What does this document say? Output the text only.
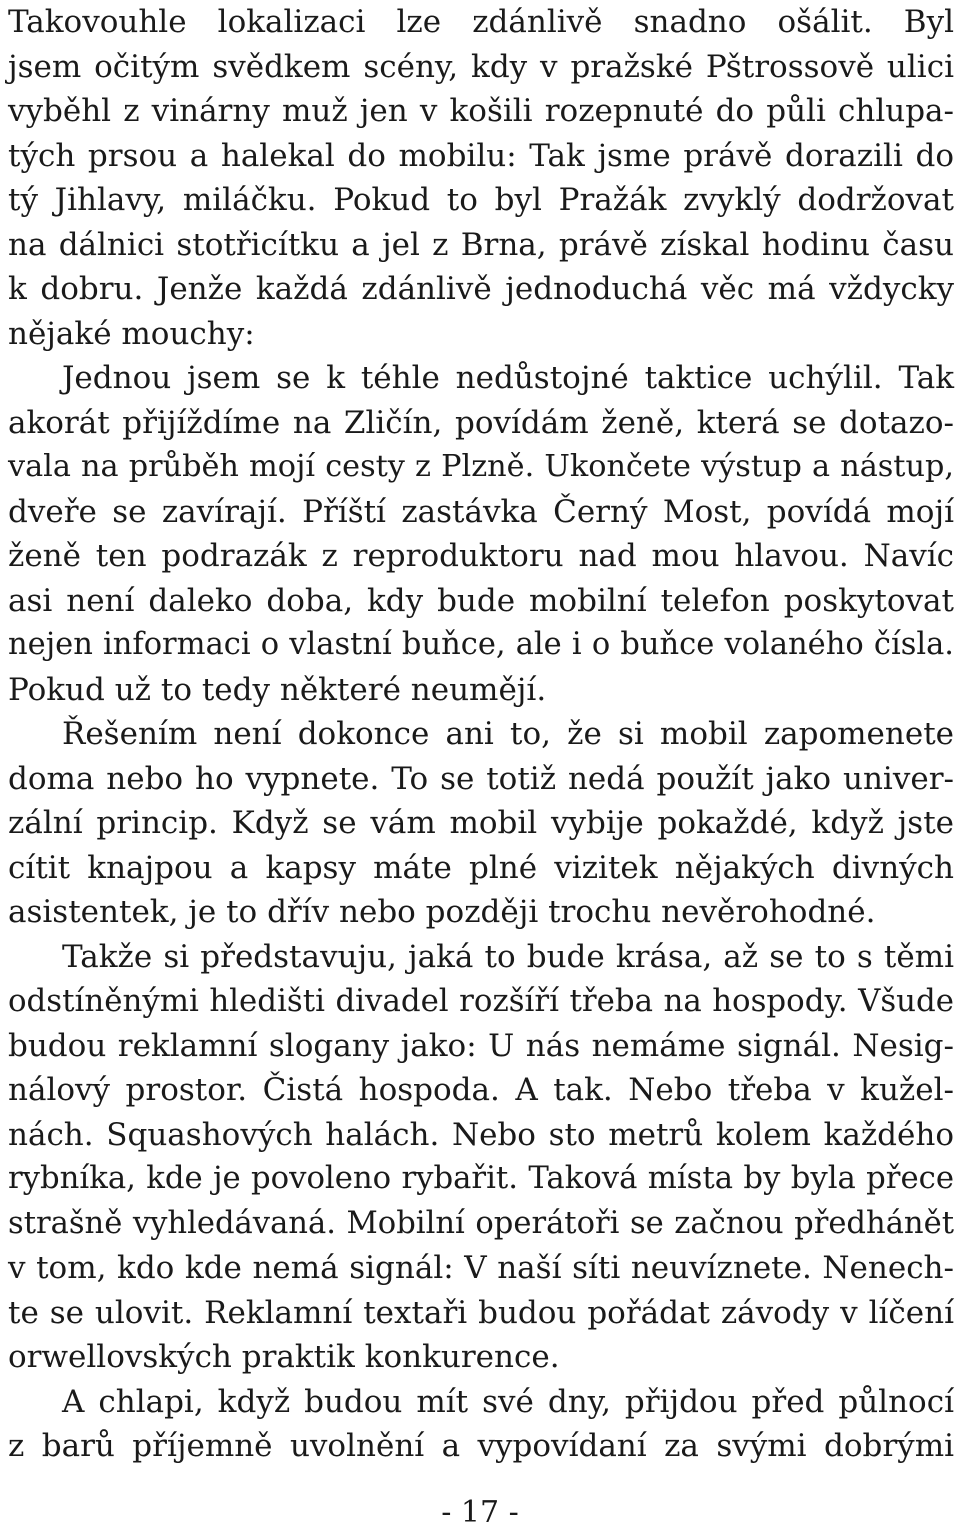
Takovouhle lokalizaci lze zdánlivě snadno ošálit. Byl
jsem očitým svědkem scény, kdy v pražské Pštrossově ulici
vyběhl z vinárny muž jen v košili rozepnuté do půli chlupa-
tých prsou a halekal do mobilu: Tak jsme právě dorazili do
tý Jihlavy, miláčku. Pokud to byl Pražák zvyklý dodržovat
na dálnici stotřicítku a jel z Brna, právě získal hodinu času
k dobru. Jenže každá zdánlivě jednoduchá věc má vždycky
nějaké mouchy:
Jednou jsem se k téhle nedůstojné taktice uchýlil. Tak
akorát přijíždíme na Zličín, povídám ženě, která se dotazo-
vala na průběh mojí cesty z Plzně. Ukončete výstup a nástup,
dveře se zavírají. Příští zastávka Černý Most, povídá mojí
ženě ten podrazák z reproduktoru nad mou hlavou. Navíc
asi není daleko doba, kdy bude mobilní telefon poskytovat
nejen informaci o vlastní buňce, ale i o buňce volaného čísla.
Pokud už to tedy některé neumějí.
Řešením není dokonce ani to, že si mobil zapomenete
doma nebo ho vypnete. To se totiž nedá použít jako univer-
zální princip. Když se vám mobil vybije pokaždé, když jste
cítit knajpou a kapsy máte plné vizitek nějakých divných
asistentek, je to dřív nebo později trochu nevěrohodné.
Takže si představuju, jaká to bude krása, až se to s těmi
odstíněnými hledišti divadel rozšíří třeba na hospody. Všude
budou reklamní slogany jako: U nás nemáme signál. Nesig-
nálový prostor. Čistá hospoda. A tak. Nebo třeba v kužel-
nách. Squashových halách. Nebo sto metrů kolem každého
rybníka, kde je povoleno rybařit. Taková místa by byla přece
strašně vyhledávaná. Mobilní operátoři se začnou předhánět
v tom, kdo kde nemá signál: V naší síti neuvíznete. Nenech-
te se ulovit. Reklamní textaři budou pořádat závody v líčení
orwellovských praktik konkurence.
A chlapi, když budou mít své dny, přijdou před půlnocí
z barů příjemně uvolnění a vypovídaní za svými dobrými
- 17 -
